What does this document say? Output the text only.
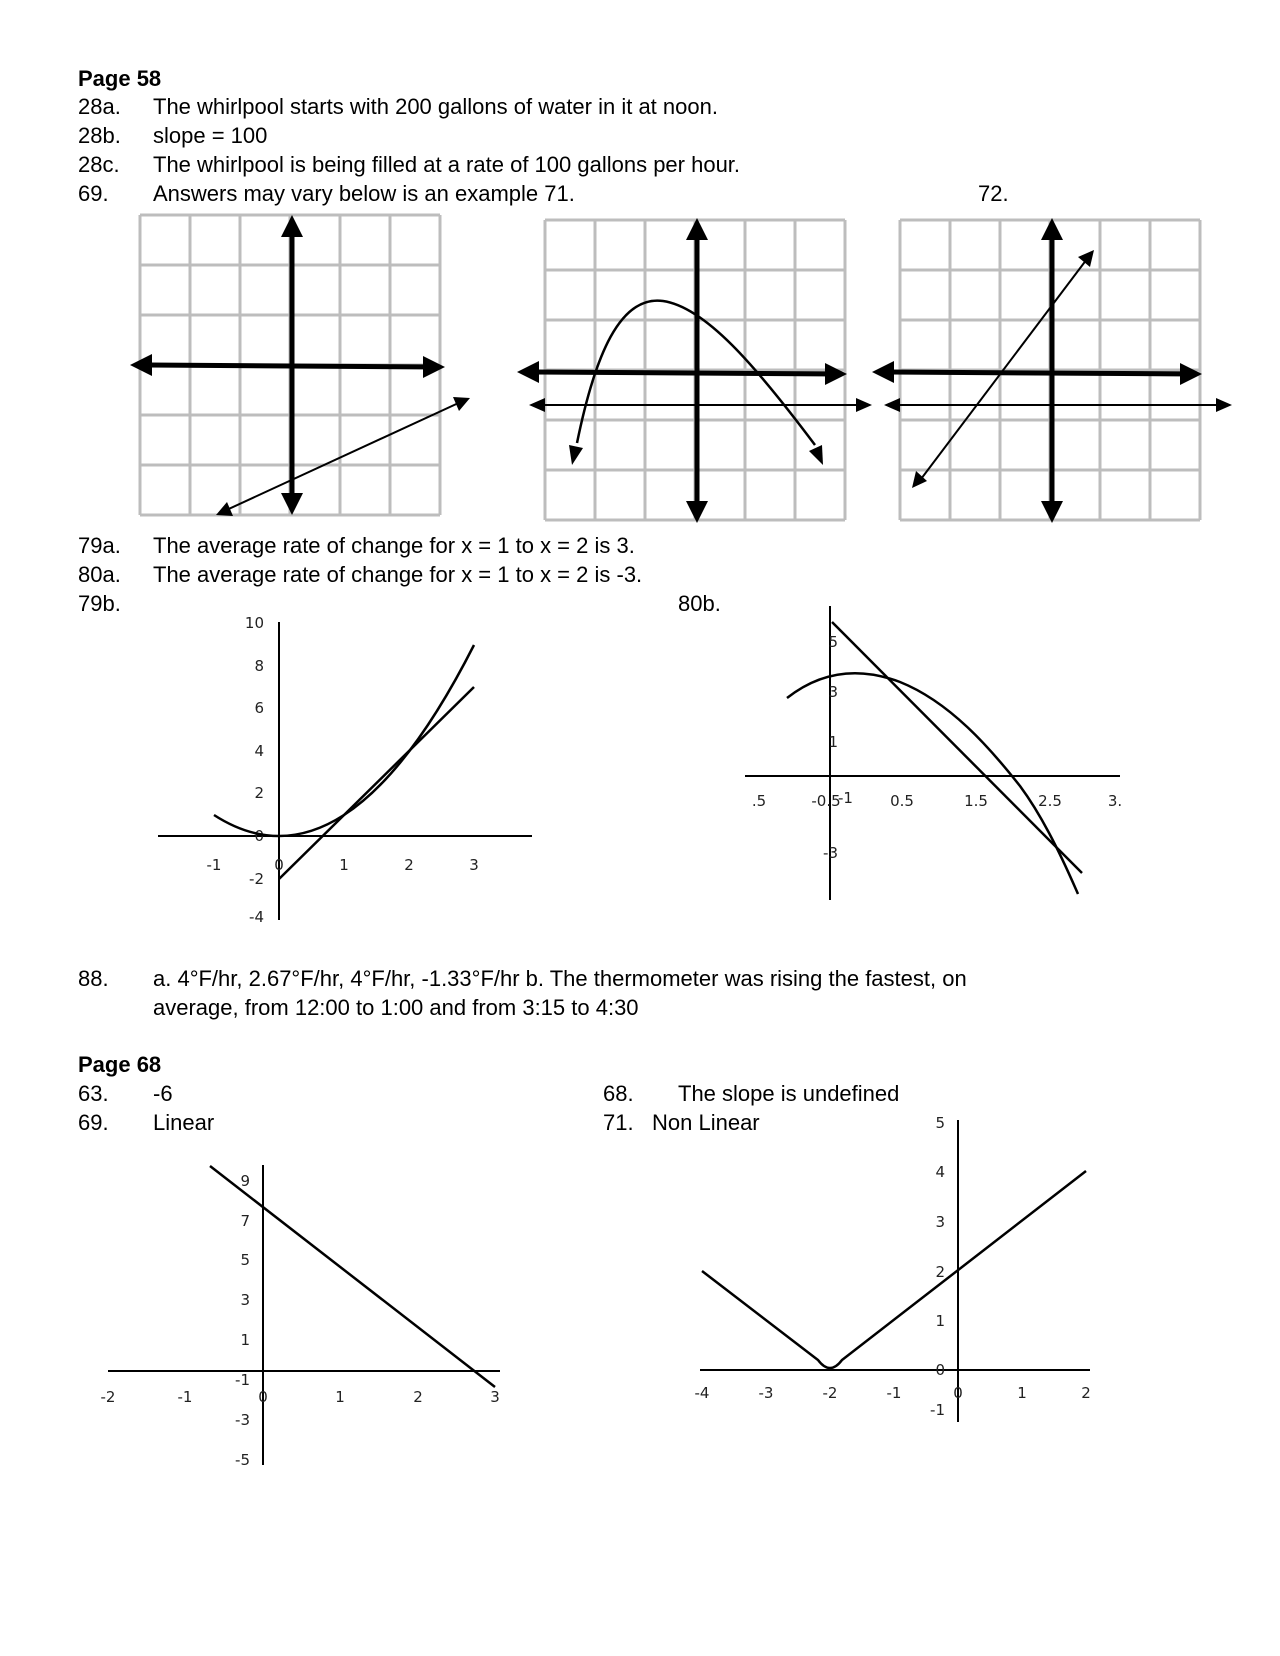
Page 58
28a. The whirlpool starts with 200 gallons of water in it at noon.
28b. slope = 100
28c. The whirlpool is being filled at a rate of 100 gallons per hour.
69. Answers may vary below is an example 71.	72.
79a. The average rate of change for x = 1 to x = 2 is 3.
80a. The average rate of change for x = 1 to x = 2 is -3.
79b.	80b.
10
8
6
4
2
0
-2
-4
-1	0	1	2	3
5
3
1
-3
.5	-0.5	0.5	1.5	2.5	3.
-1
88. a. 4°F/hr, 2.67°F/hr, 4°F/hr, -1.33°F/hr b. The thermometer was rising the fastest, on
average, from 12:00 to 1:00 and from 3:15 to 4:30
Page 68
63. -6
69. Linear
68. The slope is undefined
71. Non Linear
9
7
5
3
1
-1
-3
-5
-2	-1	0	1	2	3
5
4
3
2
1
0
-1
-4	-3	-2	-1	0	1	2
